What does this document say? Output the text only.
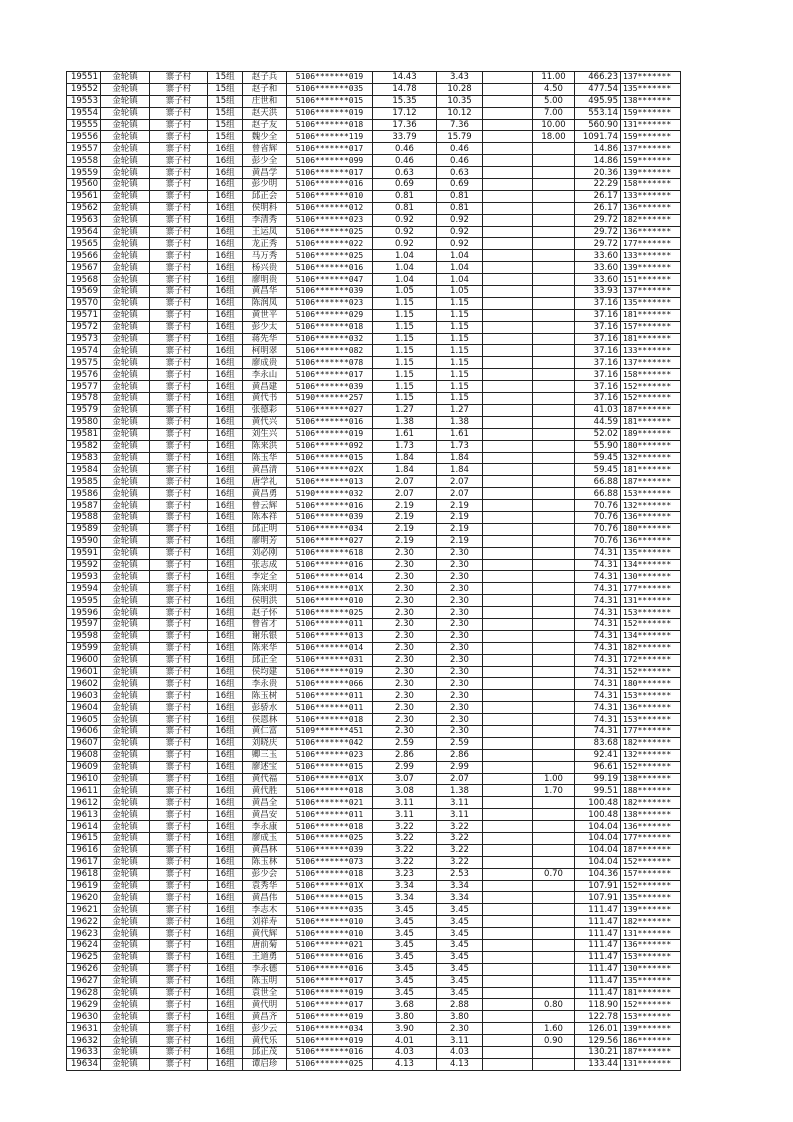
19551	金轮镇	寨子村	15组	赵子兵	5106*******019	14.43	3.43		11.00	466.23	137*******
19552	金轮镇	寨子村	15组	赵子和	5106*******035	14.78	10.28		4.50	477.54	135*******
19553	金轮镇	寨子村	15组	庄世和	5106*******015	15.35	10.35		5.00	495.95	138*******
19554	金轮镇	寨子村	15组	赵天洪	5106*******019	17.12	10.12		7.00	553.14	159*******
19555	金轮镇	寨子村	15组	赵子友	5106*******018	17.36	7.36		10.00	560.90	131*******
19556	金轮镇	寨子村	15组	魏少全	5106*******119	33.79	15.79		18.00	1091.74	159*******
19557	金轮镇	寨子村	16组	曾省辉	5106*******017	0.46	0.46			14.86	137*******
19558	金轮镇	寨子村	16组	彭少全	5106*******099	0.46	0.46			14.86	159*******
19559	金轮镇	寨子村	16组	黄昌学	5106*******017	0.63	0.63			20.36	139*******
19560	金轮镇	寨子村	16组	彭少明	5106*******016	0.69	0.69			22.29	158*******
19561	金轮镇	寨子村	16组	邱正会	5106*******010	0.81	0.81			26.17	133*******
19562	金轮镇	寨子村	16组	侯明科	5106*******012	0.81	0.81			26.17	136*******
19563	金轮镇	寨子村	16组	李清秀	5106*******023	0.92	0.92			29.72	182*******
19564	金轮镇	寨子村	16组	王运凤	5106*******025	0.92	0.92			29.72	136*******
19565	金轮镇	寨子村	16组	龙正秀	5106*******022	0.92	0.92			29.72	177*******
19566	金轮镇	寨子村	16组	马万秀	5106*******025	1.04	1.04			33.60	133*******
19567	金轮镇	寨子村	16组	杨兴贵	5106*******016	1.04	1.04			33.60	139*******
19568	金轮镇	寨子村	16组	廖明贵	5106*******047	1.04	1.04			33.60	151*******
19569	金轮镇	寨子村	16组	黄昌华	5106*******039	1.05	1.05			33.93	137*******
19570	金轮镇	寨子村	16组	陈润凤	5106*******023	1.15	1.15			37.16	135*******
19571	金轮镇	寨子村	16组	黄世平	5106*******029	1.15	1.15			37.16	181*******
19572	金轮镇	寨子村	16组	彭少太	5106*******018	1.15	1.15			37.16	157*******
19573	金轮镇	寨子村	16组	蒋先华	5106*******032	1.15	1.15			37.16	181*******
19574	金轮镇	寨子村	16组	柯明翠	5106*******082	1.15	1.15			37.16	133*******
19575	金轮镇	寨子村	16组	廖成贵	5106*******078	1.15	1.15			37.16	137*******
19576	金轮镇	寨子村	16组	李永山	5106*******017	1.15	1.15			37.16	158*******
19577	金轮镇	寨子村	16组	黄昌建	5106*******039	1.15	1.15			37.16	152*******
19578	金轮镇	寨子村	16组	黄代书	5190*******257	1.15	1.15			37.16	152*******
19579	金轮镇	寨子村	16组	张德彩	5106*******027	1.27	1.27			41.03	187*******
19580	金轮镇	寨子村	16组	黄代兴	5106*******016	1.38	1.38			44.59	181*******
19581	金轮镇	寨子村	16组	刘生兴	5106*******019	1.61	1.61			52.02	189*******
19582	金轮镇	寨子村	16组	陈来洪	5106*******092	1.73	1.73			55.90	180*******
19583	金轮镇	寨子村	16组	陈玉华	5106*******015	1.84	1.84			59.45	132*******
19584	金轮镇	寨子村	16组	黄昌清	5106*******02X	1.84	1.84			59.45	181*******
19585	金轮镇	寨子村	16组	唐学礼	5106*******013	2.07	2.07			66.88	187*******
19586	金轮镇	寨子村	16组	黄昌勇	5190*******032	2.07	2.07			66.88	153*******
19587	金轮镇	寨子村	16组	曾云辉	5106*******016	2.19	2.19			70.76	132*******
19588	金轮镇	寨子村	16组	陈本祥	5106*******039	2.19	2.19			70.76	136*******
19589	金轮镇	寨子村	16组	邱正明	5106*******034	2.19	2.19			70.76	180*******
19590	金轮镇	寨子村	16组	廖明芳	5106*******027	2.19	2.19			70.76	136*******
19591	金轮镇	寨子村	16组	刘必刚	5106*******618	2.30	2.30			74.31	135*******
19592	金轮镇	寨子村	16组	张志成	5106*******016	2.30	2.30			74.31	134*******
19593	金轮镇	寨子村	16组	李定全	5106*******014	2.30	2.30			74.31	130*******
19594	金轮镇	寨子村	16组	陈来明	5106*******01X	2.30	2.30			74.31	177*******
19595	金轮镇	寨子村	16组	侯明洪	5106*******010	2.30	2.30			74.31	131*******
19596	金轮镇	寨子村	16组	赵子怀	5106*******025	2.30	2.30			74.31	153*******
19597	金轮镇	寨子村	16组	曾省才	5106*******011	2.30	2.30			74.31	152*******
19598	金轮镇	寨子村	16组	谢乐银	5106*******013	2.30	2.30			74.31	134*******
19599	金轮镇	寨子村	16组	陈来华	5106*******014	2.30	2.30			74.31	182*******
19600	金轮镇	寨子村	16组	邱正全	5106*******031	2.30	2.30			74.31	172*******
19601	金轮镇	寨子村	16组	侯均建	5106*******019	2.30	2.30			74.31	152*******
19602	金轮镇	寨子村	16组	李永贵	5106*******066	2.30	2.30			74.31	180*******
19603	金轮镇	寨子村	16组	陈玉树	5106*******011	2.30	2.30			74.31	153*******
19604	金轮镇	寨子村	16组	彭骄水	5106*******011	2.30	2.30			74.31	136*******
19605	金轮镇	寨子村	16组	侯恩林	5106*******018	2.30	2.30			74.31	153*******
19606	金轮镇	寨子村	16组	黄仁富	5109*******451	2.30	2.30			74.31	177*******
19607	金轮镇	寨子村	16组	刘晓庆	5106*******042	2.59	2.59			83.68	182*******
19608	金轮镇	寨子村	16组	卿三玉	5106*******023	2.86	2.86			92.41	132*******
19609	金轮镇	寨子村	16组	廖述宝	5106*******015	2.99	2.99			96.61	152*******
19610	金轮镇	寨子村	16组	黄代福	5106*******01X	3.07	2.07		1.00	99.19	138*******
19611	金轮镇	寨子村	16组	黄代胜	5106*******018	3.08	1.38		1.70	99.51	188*******
19612	金轮镇	寨子村	16组	黄昌全	5106*******021	3.11	3.11			100.48	182*******
19613	金轮镇	寨子村	16组	黄昌安	5106*******011	3.11	3.11			100.48	138*******
19614	金轮镇	寨子村	16组	李永康	5106*******018	3.22	3.22			104.04	136*******
19615	金轮镇	寨子村	16组	廖成玉	5106*******025	3.22	3.22			104.04	177*******
19616	金轮镇	寨子村	16组	黄昌林	5106*******039	3.22	3.22			104.04	187*******
19617	金轮镇	寨子村	16组	陈玉林	5106*******073	3.22	3.22			104.04	152*******
19618	金轮镇	寨子村	16组	彭少会	5106*******018	3.23	2.53		0.70	104.36	157*******
19619	金轮镇	寨子村	16组	袁秀华	5106*******01X	3.34	3.34			107.91	152*******
19620	金轮镇	寨子村	16组	黄昌伟	5106*******015	3.34	3.34			107.91	135*******
19621	金轮镇	寨子村	16组	李志木	5106*******035	3.45	3.45			111.47	139*******
19622	金轮镇	寨子村	16组	刘祥寿	5106*******010	3.45	3.45			111.47	182*******
19623	金轮镇	寨子村	16组	黄代辉	5106*******010	3.45	3.45			111.47	131*******
19624	金轮镇	寨子村	16组	唐前菊	5106*******021	3.45	3.45			111.47	136*******
19625	金轮镇	寨子村	16组	王道勇	5106*******016	3.45	3.45			111.47	153*******
19626	金轮镇	寨子村	16组	李永德	5106*******016	3.45	3.45			111.47	130*******
19627	金轮镇	寨子村	16组	陈玉明	5106*******017	3.45	3.45			111.47	135*******
19628	金轮镇	寨子村	16组	袁世全	5106*******019	3.45	3.45			111.47	181*******
19629	金轮镇	寨子村	16组	黄代明	5106*******017	3.68	2.88		0.80	118.90	152*******
19630	金轮镇	寨子村	16组	黄昌齐	5106*******019	3.80	3.80			122.78	153*******
19631	金轮镇	寨子村	16组	彭少云	5106*******034	3.90	2.30		1.60	126.01	139*******
19632	金轮镇	寨子村	16组	黄代乐	5106*******019	4.01	3.11		0.90	129.56	186*******
19633	金轮镇	寨子村	16组	邱正茂	5106*******016	4.03	4.03			130.21	187*******
19634	金轮镇	寨子村	16组	谭启珍	5106*******025	4.13	4.13			133.44	131*******
